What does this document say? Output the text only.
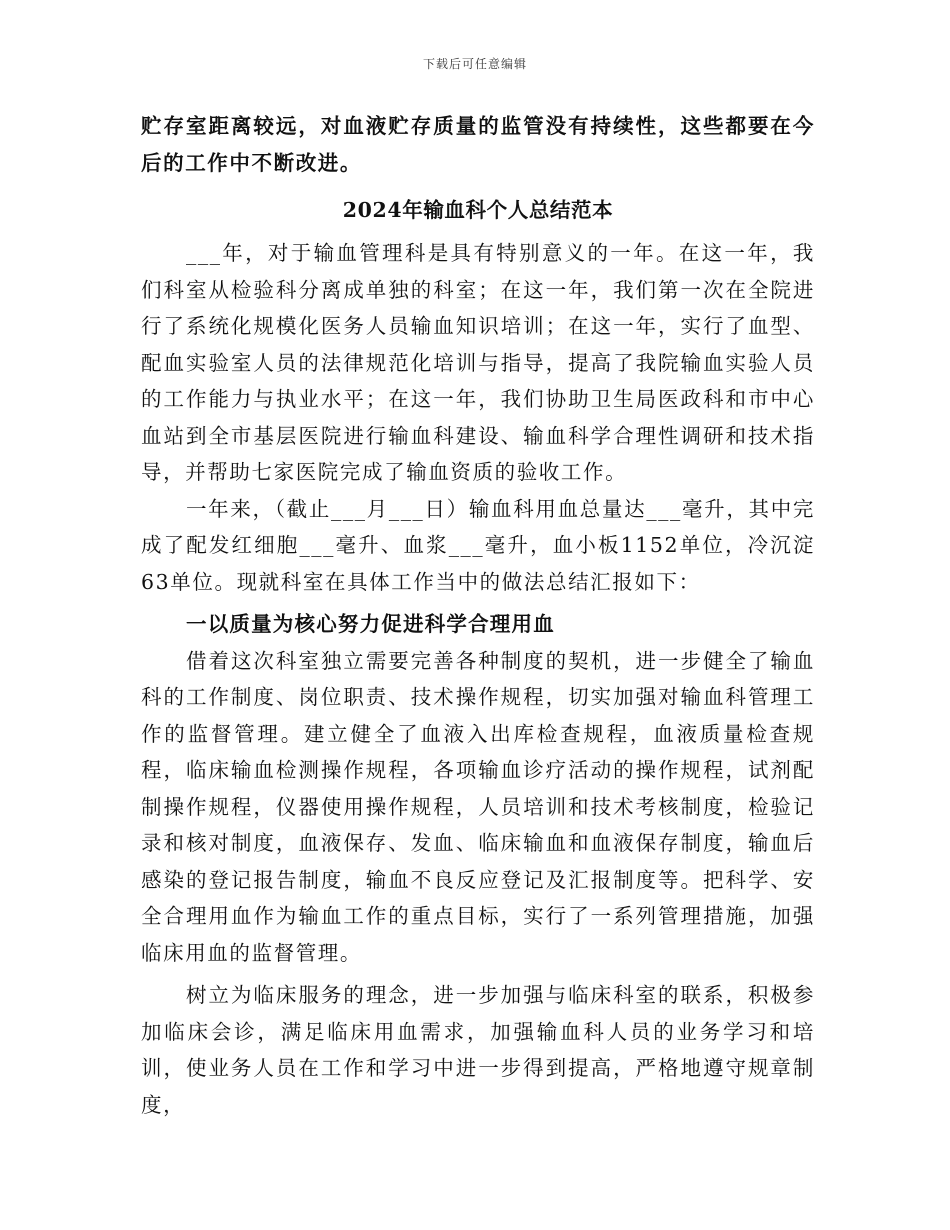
下载后可任意编辑

贮存室距离较远，对血液贮存质量的监管没有持续性，这些都要在今后的工作中不断改进。

2024年输血科个人总结范本

___年，对于输血管理科是具有特别意义的一年。在这一年，我们科室从检验科分离成单独的科室；在这一年，我们第一次在全院进行了系统化规模化医务人员输血知识培训；在这一年，实行了血型、配血实验室人员的法律规范化培训与指导，提高了我院输血实验人员的工作能力与执业水平；在这一年，我们协助卫生局医政科和市中心血站到全市基层医院进行输血科建设、输血科学合理性调研和技术指导，并帮助七家医院完成了输血资质的验收工作。

一年来，（截止___月___日）输血科用血总量达___毫升，其中完成了配发红细胞___毫升、血浆___毫升，血小板1152单位，冷沉淀63单位。现就科室在具体工作当中的做法总结汇报如下：

一以质量为核心努力促进科学合理用血

借着这次科室独立需要完善各种制度的契机，进一步健全了输血科的工作制度、岗位职责、技术操作规程，切实加强对输血科管理工作的监督管理。建立健全了血液入出库检查规程，血液质量检查规程，临床输血检测操作规程，各项输血诊疗活动的操作规程，试剂配制操作规程，仪器使用操作规程，人员培训和技术考核制度，检验记录和核对制度，血液保存、发血、临床输血和血液保存制度，输血后感染的登记报告制度，输血不良反应登记及汇报制度等。把科学、安全合理用血作为输血工作的重点目标，实行了一系列管理措施，加强临床用血的监督管理。

树立为临床服务的理念，进一步加强与临床科室的联系，积极参加临床会诊，满足临床用血需求，加强输血科人员的业务学习和培训，使业务人员在工作和学习中进一步得到提高，严格地遵守规章制度，
